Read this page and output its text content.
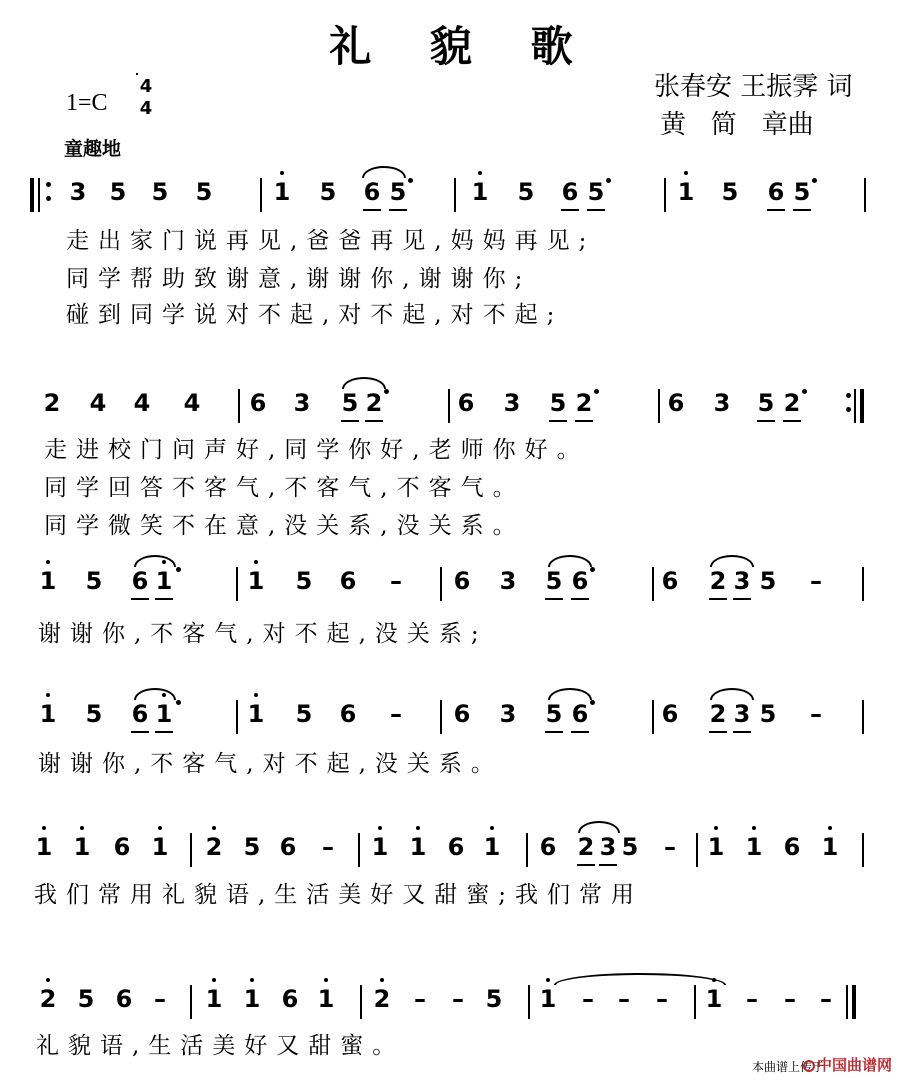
礼 貌 歌
张春安 王振霁 词
黄   简   章曲
1=C
4
4
童趣地
3 5 5 5	1 5 6 5	1 5 6 5	1 5 6 5
走出家门说再见,爸爸再见,妈妈再见;
同学帮助致谢意,谢谢你,谢谢你;
碰到同学说对不起,对不起,对不起;
2 4 4 4 6 3 5 2	6 3 5 2	6 3 5 2
走进校门问声好,同学你好,老师你好。
同学回答不客气,不客气,不客气。
同学微笑不在意,没关系,没关系。
1 5 6 1	1 5 6 – 6 3 5 6	6 2 3 5 –
谢谢你,不客气,对不起,没关系;
1 5 6 1	1 5 6 – 6 3 5 6	6 2 3 5 –
谢谢你,不客气,对不起,没关系。
1 1 6 1 2 5 6 – 1 1 6 1 6 2 3 5 – 1 1 6 1
我们常用礼貌语,生活美好又甜蜜;我们常用
2 5 6 – 1 1 6 1 2 – – 5 1 – – – 1 – – –
礼貌语,生活美好又甜蜜。
本曲谱上传于
中国曲谱网
